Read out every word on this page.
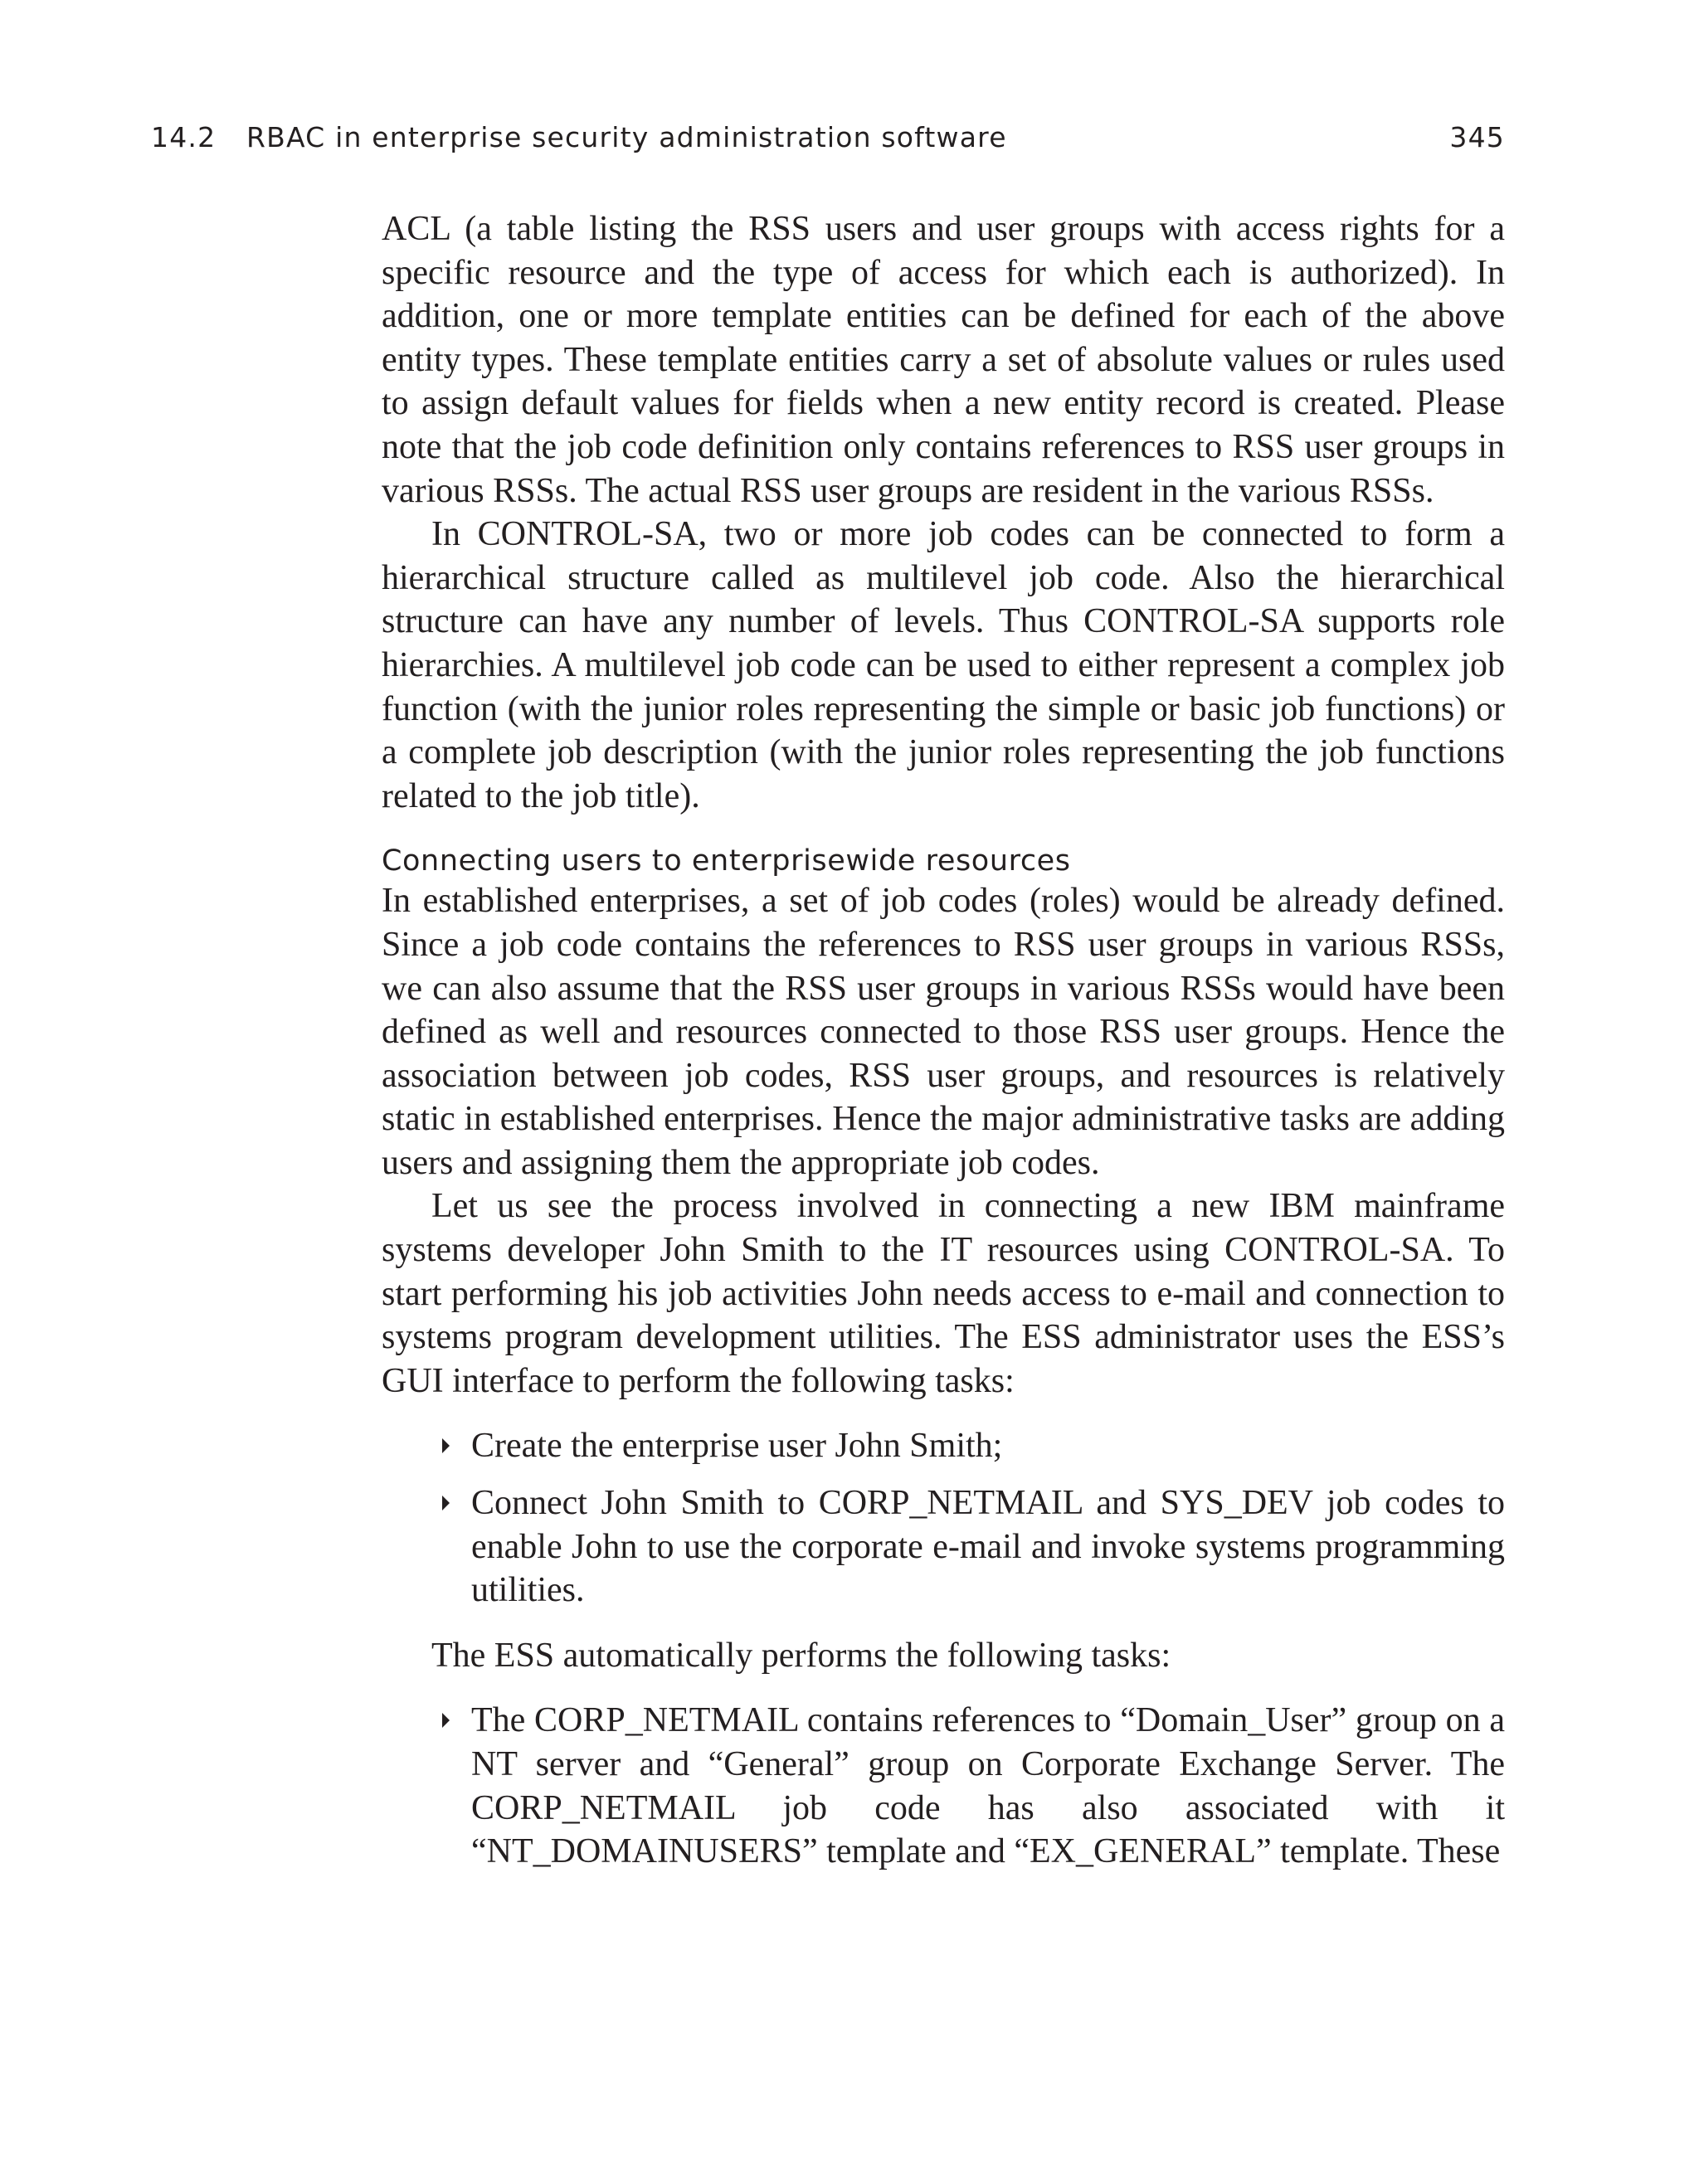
14.2 RBAC in enterprise security administration software	345

ACL (a table listing the RSS users and user groups with access rights for a specific resource and the type of access for which each is authorized). In addition, one or more template entities can be defined for each of the above entity types. These template entities carry a set of absolute values or rules used to assign default values for fields when a new entity record is created. Please note that the job code definition only contains references to RSS user groups in various RSSs. The actual RSS user groups are resident in the various RSSs.

In CONTROL-SA, two or more job codes can be connected to form a hierarchical structure called as multilevel job code. Also the hierarchical structure can have any number of levels. Thus CONTROL-SA supports role hierarchies. A multilevel job code can be used to either represent a complex job function (with the junior roles representing the simple or basic job functions) or a complete job description (with the junior roles representing the job functions related to the job title).

Connecting users to enterprisewide resources

In established enterprises, a set of job codes (roles) would be already defined. Since a job code contains the references to RSS user groups in various RSSs, we can also assume that the RSS user groups in various RSSs would have been defined as well and resources connected to those RSS user groups. Hence the association between job codes, RSS user groups, and resources is relatively static in established enterprises. Hence the major administrative tasks are adding users and assigning them the appropriate job codes.

Let us see the process involved in connecting a new IBM mainframe systems developer John Smith to the IT resources using CONTROL-SA. To start performing his job activities John needs access to e-mail and connection to systems program development utilities. The ESS administrator uses the ESS’s GUI interface to perform the following tasks:

Create the enterprise user John Smith;
Connect John Smith to CORP_NETMAIL and SYS_DEV job codes to enable John to use the corporate e-mail and invoke systems programming utilities.

The ESS automatically performs the following tasks:

The CORP_NETMAIL contains references to “Domain_User” group on a NT server and “General” group on Corporate Exchange Server. The CORP_NETMAIL job code has also associated with it “NT_DOMAINUSERS” template and “EX_GENERAL” template. These
